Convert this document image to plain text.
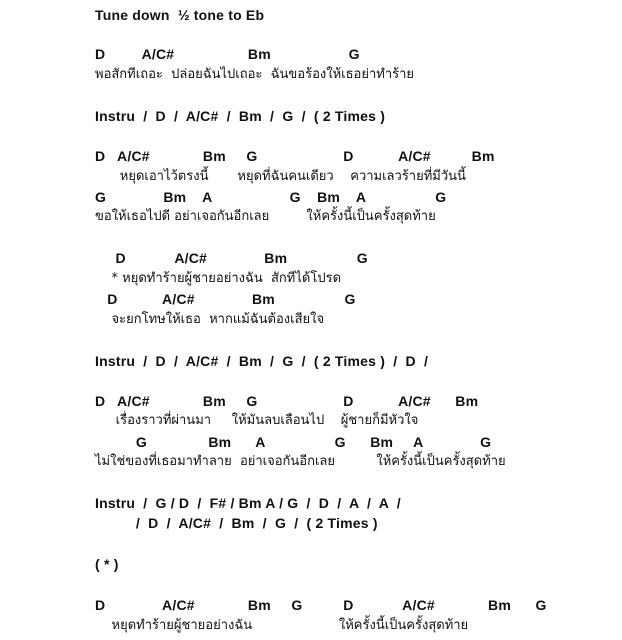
Tune down  ½ tone to Eb
D         A/C#                  Bm                   G
พอสักทีเถอะ  ปล่อยฉันไปเถอะ  ฉันขอร้องให้เธอย่าทำร้าย
Instru  /  D  /  A/C#  /  Bm  /  G  /  ( 2 Times )
D   A/C#             Bm     G                     D           A/C#          Bm
หยุดเอาไว้ตรงนี้       หยุดที่ฉันคนเดียว    ความเลวร้ายที่มีวันนี้
G              Bm    A                   G    Bm    A                 G
ขอให้เธอไปดี อย่าเจอกันอีกเลย         ให้ครั้งนี้เป็นครั้งสุดท้าย
D            A/C#              Bm                 G
* หยุดทำร้ายผู้ชายอย่างฉัน  สักทีได้โปรด
D           A/C#              Bm                 G
จะยกโทษให้เธอ  หากแม้ฉันต้องเสียใจ
Instru  /  D  /  A/C#  /  Bm  /  G  /  ( 2 Times )  /  D  /
D   A/C#             Bm     G                     D           A/C#      Bm
เรื่องราวที่ผ่านมา     ให้มันลบเลือนไป    ผู้ชายก็มีหัวใจ
G               Bm      A                 G      Bm     A              G
ไม่ใช่ของที่เธอมาทำลาย  อย่าเจอกันอีกเลย          ให้ครั้งนี้เป็นครั้งสุดท้าย
Instru  /  G / D  /  F# / Bm A / G  /  D  /  A  /  A  /
/  D  /  A/C#  /  Bm  /  G  /  ( 2 Times )
( * )
D              A/C#             Bm     G          D            A/C#             Bm      G
หยุดทำร้ายผู้ชายอย่างฉัน                     ให้ครั้งนี้เป็นครั้งสุดท้าย
